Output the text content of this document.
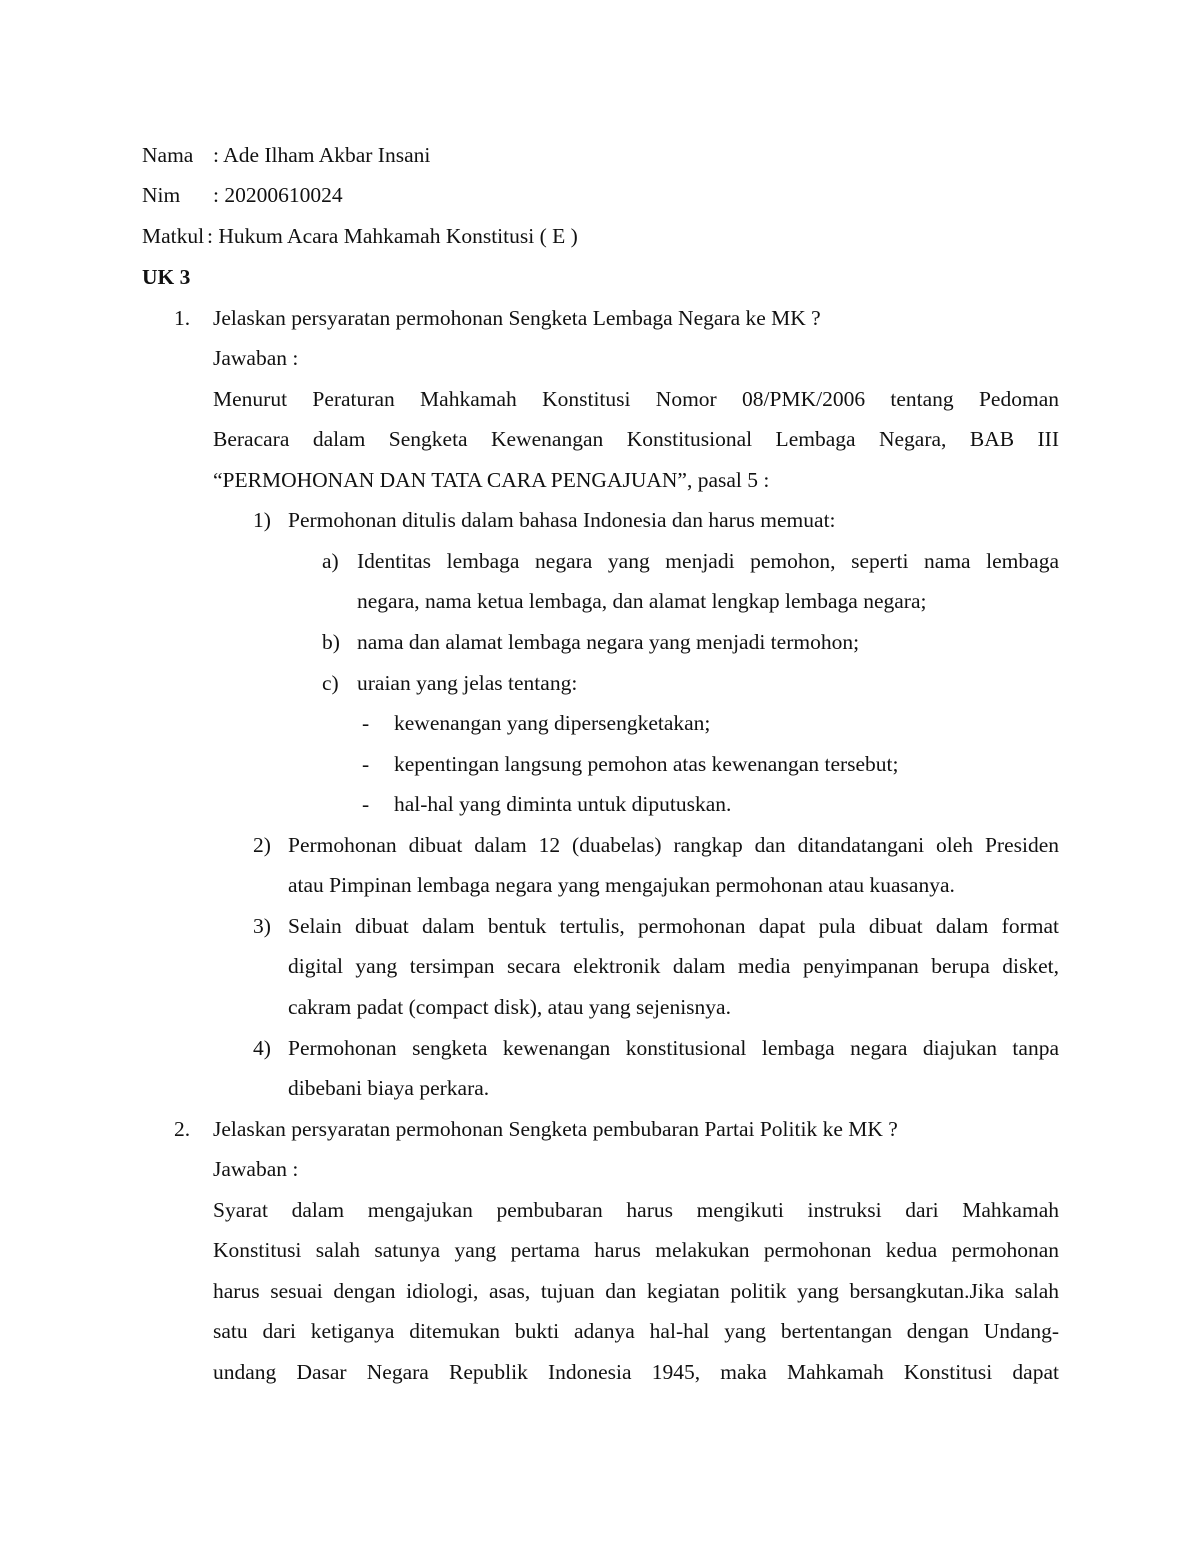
Nama : Ade Ilham Akbar Insani
Nim : 20200610024
Matkul : Hukum Acara Mahkamah Konstitusi ( E )
UK 3
1. Jelaskan persyaratan permohonan Sengketa Lembaga Negara ke MK ?
Jawaban :
Menurut Peraturan Mahkamah Konstitusi Nomor 08/PMK/2006 tentang Pedoman
Beracara dalam Sengketa Kewenangan Konstitusional Lembaga Negara, BAB III
“PERMOHONAN DAN TATA CARA PENGAJUAN”, pasal 5 :
1) Permohonan ditulis dalam bahasa Indonesia dan harus memuat:
a) Identitas lembaga negara yang menjadi pemohon, seperti nama lembaga
negara, nama ketua lembaga, dan alamat lengkap lembaga negara;
b) nama dan alamat lembaga negara yang menjadi termohon;
c) uraian yang jelas tentang:
- kewenangan yang dipersengketakan;
- kepentingan langsung pemohon atas kewenangan tersebut;
- hal-hal yang diminta untuk diputuskan.
2) Permohonan dibuat dalam 12 (duabelas) rangkap dan ditandatangani oleh Presiden
atau Pimpinan lembaga negara yang mengajukan permohonan atau kuasanya.
3) Selain dibuat dalam bentuk tertulis, permohonan dapat pula dibuat dalam format
digital yang tersimpan secara elektronik dalam media penyimpanan berupa disket,
cakram padat (compact disk), atau yang sejenisnya.
4) Permohonan sengketa kewenangan konstitusional lembaga negara diajukan tanpa
dibebani biaya perkara.
2. Jelaskan persyaratan permohonan Sengketa pembubaran Partai Politik ke MK ?
Jawaban :
Syarat dalam mengajukan pembubaran harus mengikuti instruksi dari Mahkamah
Konstitusi salah satunya yang pertama harus melakukan permohonan kedua permohonan
harus sesuai dengan idiologi, asas, tujuan dan kegiatan politik yang bersangkutan.Jika salah
satu dari ketiganya ditemukan bukti adanya hal-hal yang bertentangan dengan Undang-
undang Dasar Negara Republik Indonesia 1945, maka Mahkamah Konstitusi dapat
